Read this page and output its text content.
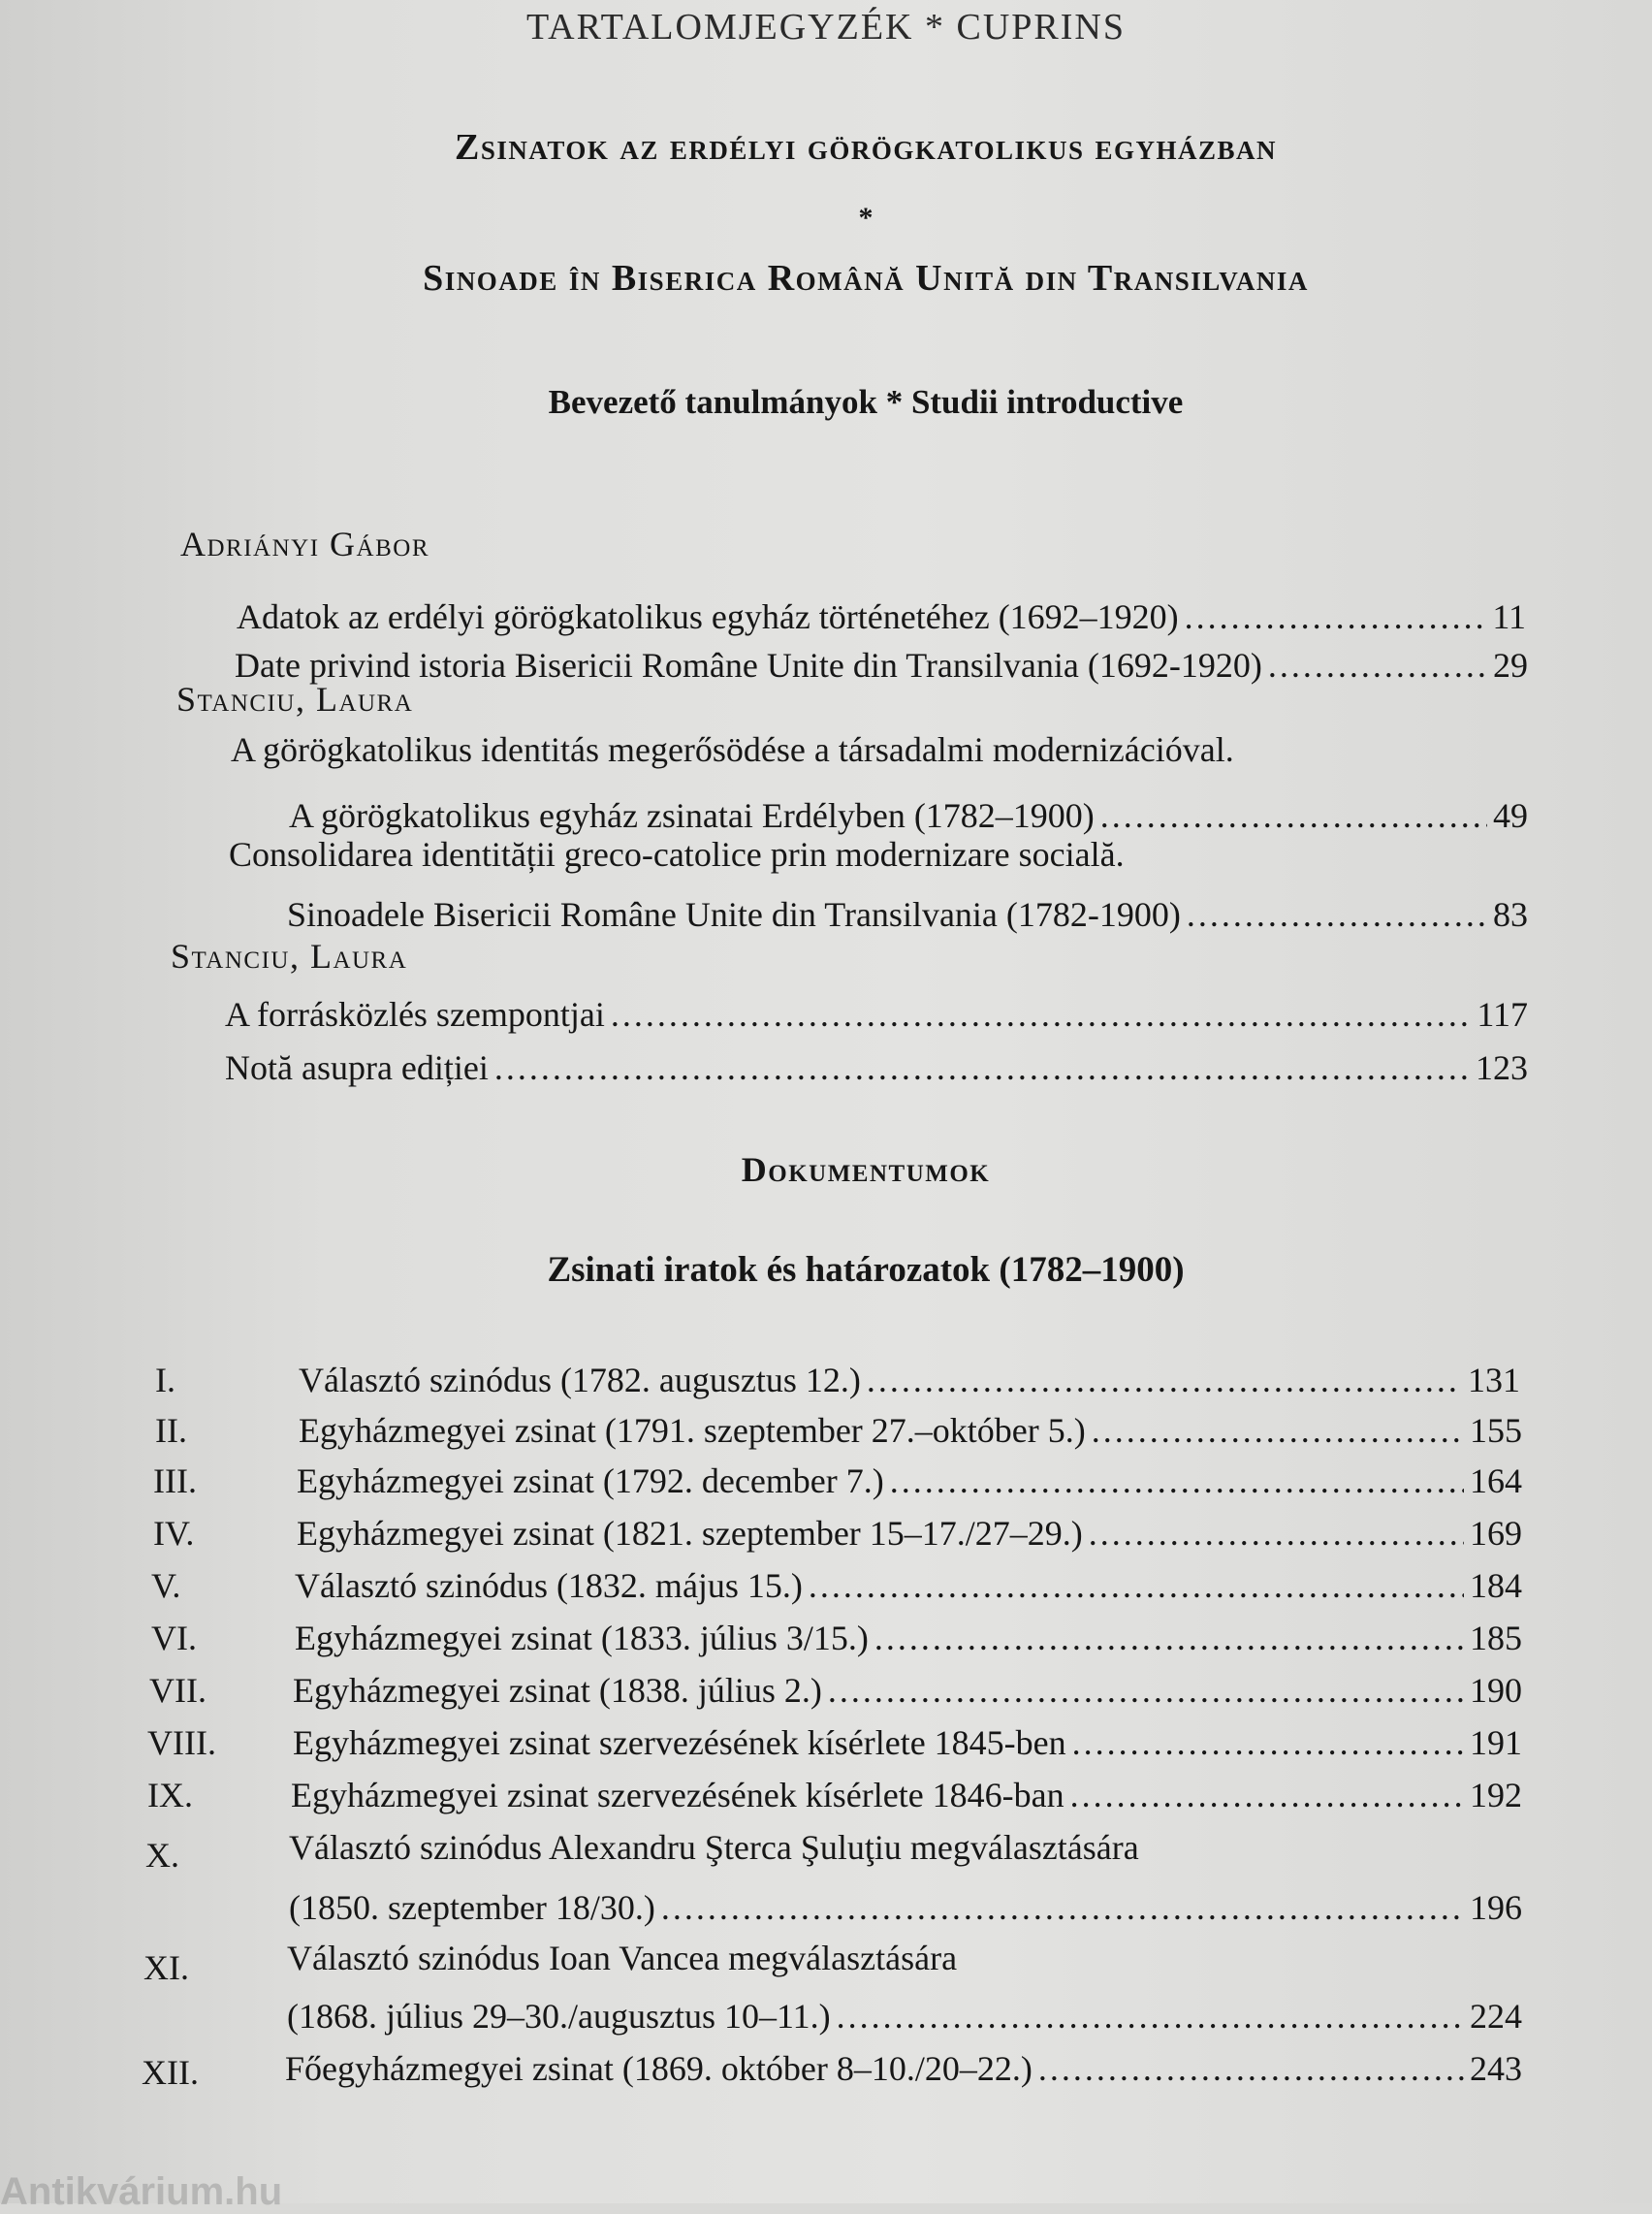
TARTALOMJEGYZÉK * CUPRINS
Zsinatok az erdélyi görögkatolikus egyházban
*
Sinoade în Biserica Română Unită din Transilvania
Bevezető tanulmányok * Studii introductive
Adriányi Gábor
Adatok az erdélyi görögkatolikus egyház történetéhez (1692–1920) .....	11
Date privind istoria Bisericii Române Unite din Transilvania (1692-1920) .....	29
Stanciu, Laura
A görögkatolikus identitás megerősödése a társadalmi modernizációval.
A görögkatolikus egyház zsinatai Erdélyben (1782–1900) .....	49
Consolidarea identității greco-catolice prin modernizare socială.
Sinoadele Bisericii Române Unite din Transilvania (1782-1900) .....	83
Stanciu, Laura
A forrásközlés szempontjai .....	117
Notă asupra ediției .....	123
Dokumentumok
Zsinati iratok és határozatok (1782–1900)
I.	Választó szinódus (1782. augusztus 12.) .....	131
II.	Egyházmegyei zsinat (1791. szeptember 27.–október 5.) .....	155
III.	Egyházmegyei zsinat (1792. december 7.) .....	164
IV.	Egyházmegyei zsinat (1821. szeptember 15–17./27–29.) .....	169
V.	Választó szinódus (1832. május 15.) .....	184
VI.	Egyházmegyei zsinat (1833. július 3/15.) .....	185
VII. Egyházmegyei zsinat (1838. július 2.) .....	190
VIII. Egyházmegyei zsinat szervezésének kísérlete 1845-ben .....	191
IX.	Egyházmegyei zsinat szervezésének kísérlete 1846-ban .....	192
X.	Választó szinódus Alexandru Şterca Şuluţiu megválasztására
(1850. szeptember 18/30.) .....	196
XI.	Választó szinódus Ioan Vancea megválasztására
(1868. július 29–30./augusztus 10–11.) .....	224
XII. Főegyházmegyei zsinat (1869. október 8–10./20–22.) .....	243
Antikvárium.hu
